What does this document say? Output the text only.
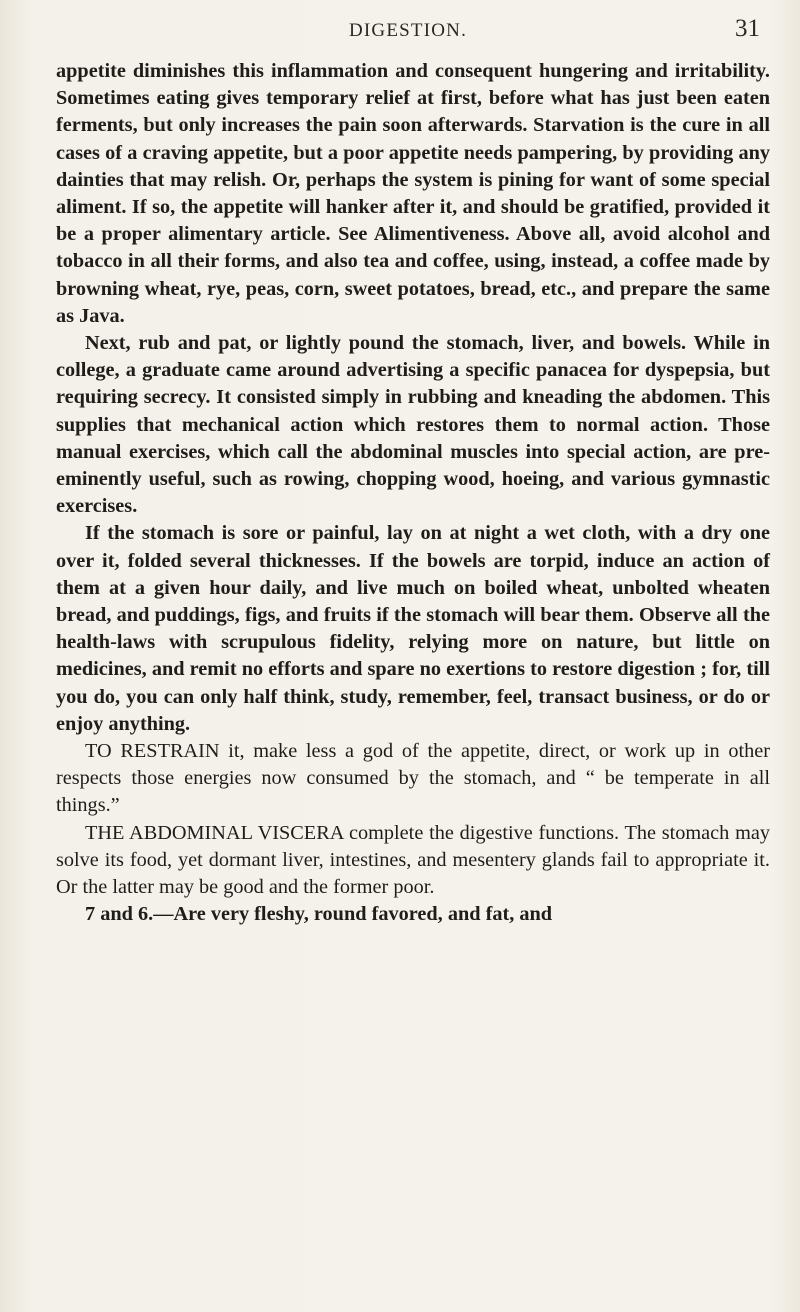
DIGESTION.	31

appetite diminishes this inflammation and consequent hungering and irritability. Sometimes eating gives temporary relief at first, before what has just been eaten ferments, but only increases the pain soon afterwards. Starvation is the cure in all cases of a craving appetite, but a poor appetite needs pampering, by providing any dainties that may relish. Or, perhaps the system is pining for want of some special aliment. If so, the appetite will hanker after it, and should be gratified, provided it be a proper alimentary article. See Alimentiveness. Above all, avoid alcohol and tobacco in all their forms, and also tea and coffee, using, instead, a coffee made by browning wheat, rye, peas, corn, sweet potatoes, bread, etc., and prepare the same as Java.

Next, rub and pat, or lightly pound the stomach, liver, and bowels. While in college, a graduate came around advertising a specific panacea for dyspepsia, but requiring secrecy. It consisted simply in rubbing and kneading the abdomen. This supplies that mechanical action which restores them to normal action. Those manual exercises, which call the abdominal muscles into special action, are preeminently useful, such as rowing, chopping wood, hoeing, and various gymnastic exercises.

If the stomach is sore or painful, lay on at night a wet cloth, with a dry one over it, folded several thicknesses. If the bowels are torpid, induce an action of them at a given hour daily, and live much on boiled wheat, unbolted wheaten bread, and puddings, figs, and fruits if the stomach will bear them. Observe all the health-laws with scrupulous fidelity, relying more on nature, but little on medicines, and remit no efforts and spare no exertions to restore digestion ; for, till you do, you can only half think, study, remember, feel, transact business, or do or enjoy anything.

TO RESTRAIN it, make less a god of the appetite, direct, or work up in other respects those energies now consumed by the stomach, and “ be temperate in all things.”

THE ABDOMINAL VISCERA complete the digestive functions. The stomach may solve its food, yet dormant liver, intestines, and mesentery glands fail to appropriate it. Or the latter may be good and the former poor.

7 and 6.—Are very fleshy, round favored, and fat, and
